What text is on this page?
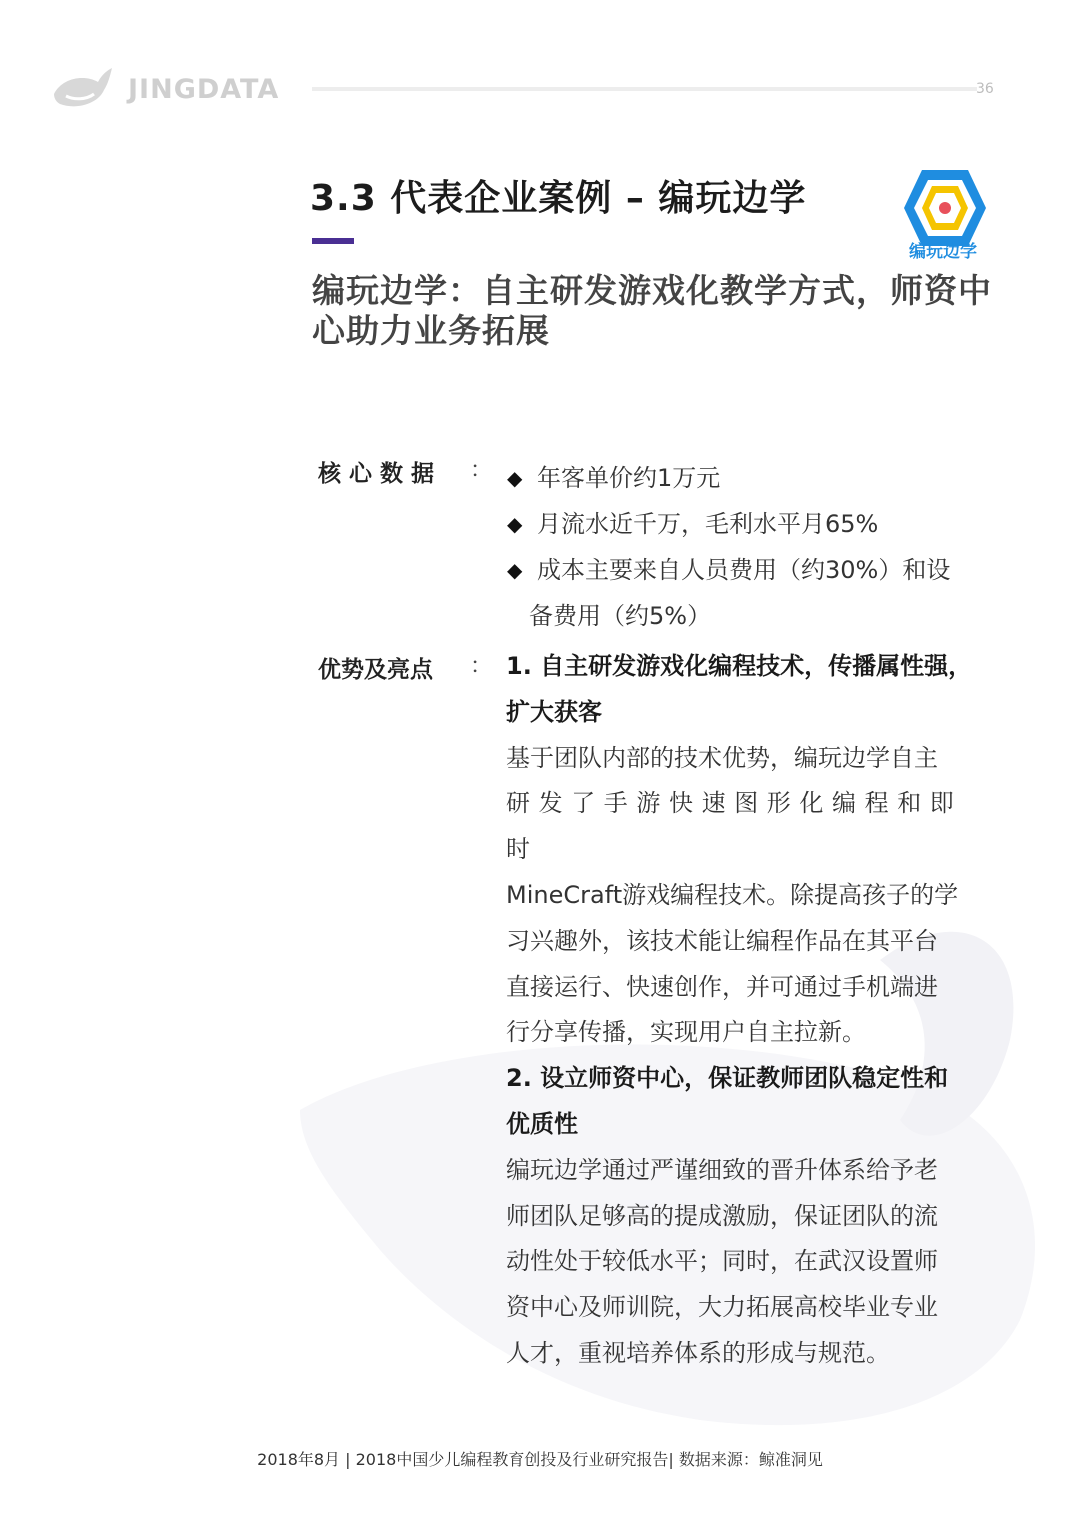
JINGDATA	36
3.3 代表企业案例 – 编玩边学
编玩边学
编玩边学：自主研发游戏化教学方式，师资中心助力业务拓展
核心数据 ： ◆ 年客单价约1万元
◆ 月流水近千万，毛利水平月65%
◆ 成本主要来自人员费用（约30%）和设
备费用（约5%）
优势及亮点 ： 1. 自主研发游戏化编程技术，传播属性强，
扩大获客
基于团队内部的技术优势，编玩边学自主
研发了手游快速图形化编程和即时
MineCraft游戏编程技术。除提高孩子的学
习兴趣外，该技术能让编程作品在其平台
直接运行、快速创作，并可通过手机端进
行分享传播，实现用户自主拉新。
2. 设立师资中心，保证教师团队稳定性和
优质性
编玩边学通过严谨细致的晋升体系给予老
师团队足够高的提成激励，保证团队的流
动性处于较低水平；同时，在武汉设置师
资中心及师训院，大力拓展高校毕业专业
人才，重视培养体系的形成与规范。
2018年8月 | 2018中国少儿编程教育创投及行业研究报告| 数据来源：鲸准洞见
